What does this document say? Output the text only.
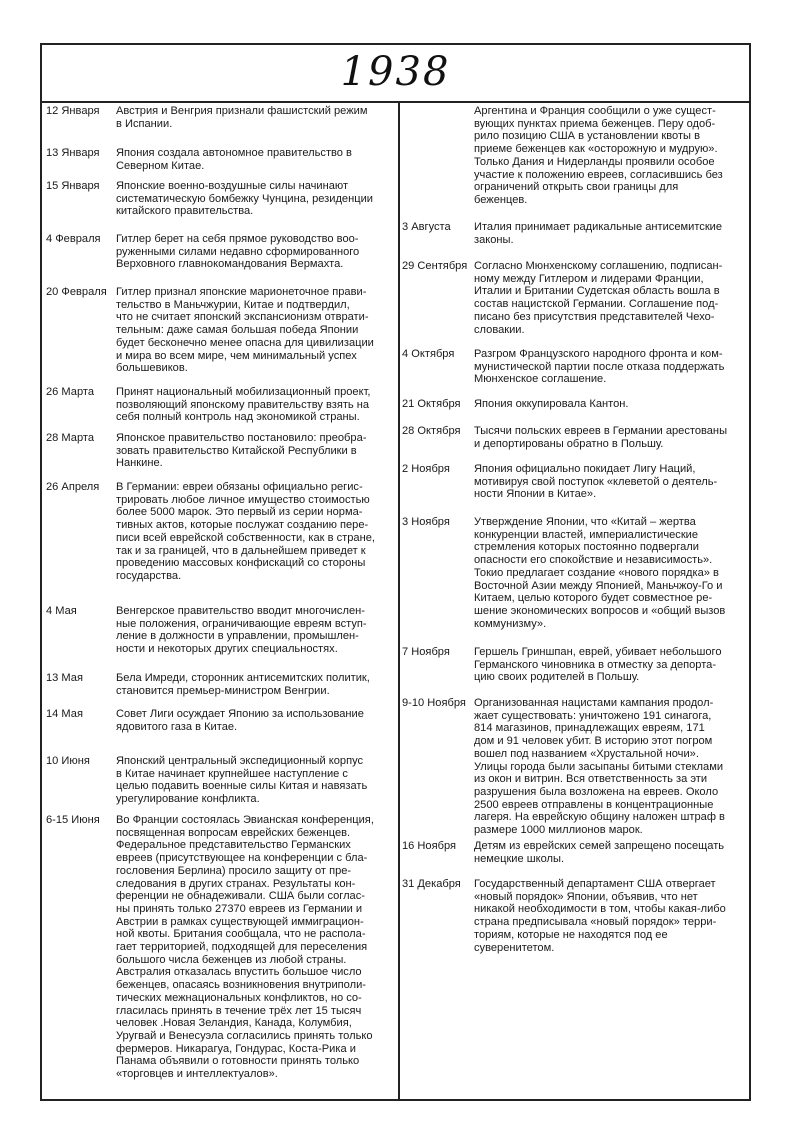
1938
12 Января Австрия и Венгрия признали фашистский режим
в Испании.
13 Января Япония создала автономное правительство в
Северном Китае.
15 Января Японские военно-воздушные силы начинают
систематическую бомбежку Чунцина, резиденции
китайского правительства.
4 Февраля Гитлер берет на себя прямое руководство воо-
руженными силами недавно сформированного
Верховного главнокомандования Вермахта.
20 Февраля Гитлер признал японские марионеточное прави-
тельство в Маньчжурии, Китае и подтвердил,
что не считает японский экспансионизм отврати-
тельным: даже самая большая победа Японии
будет бесконечно менее опасна для цивилизации
и мира во всем мире, чем минимальный успех
большевиков.
26 Марта Принят национальный мобилизационный проект,
позволяющий японскому правительству взять на
себя полный контроль над экономикой страны.
28 Марта Японское правительство постановило: преобра-
зовать правительство Китайской Республики в
Нанкине.
26 Апреля В Германии: евреи обязаны официально регис-
трировать любое личное имущество стоимостью
более 5000 марок. Это первый из серии норма-
тивных актов, которые послужат созданию пере-
писи всей еврейской собственности, как в стране,
так и за границей, что в дальнейшем приведет к
проведению массовых конфискаций со стороны
государства.
4 Мая	Венгерское правительство вводит многочислен-
ные положения, ограничивающие евреям вступ-
ление в должности в управлении, промышлен-
ности и некоторых других специальностях.
13 Мая	Бела Имреди, сторонник антисемитских политик,
становится премьер-министром Венгрии.
14 Мая	Совет Лиги осуждает Японию за использование
ядовитого газа в Китае.
10 Июня Японский центральный экспедиционный корпус
в Китае начинает крупнейшее наступление с
целью подавить военные силы Китая и навязать
урегулирование конфликта.
6-15 Июня Во Франции состоялась Эвианская конференция,
посвященная вопросам еврейских беженцев.
Федеральное представительство Германских
евреев (присутствующее на конференции с бла-
гословения Берлина) просило защиту от пре-
следования в других странах. Результаты кон-
ференции не обнадеживали. США были соглас-
ны принять только 27370 евреев из Германии и
Австрии в рамках существующей иммиграцион-
ной квоты. Британия сообщала, что не распола-
гает территорией, подходящей для переселения
большого числа беженцев из любой страны.
Австралия отказалась впустить большое число
беженцев, опасаясь возникновения внутриполи-
тических межнациональных конфликтов, но со-
гласилась принять в течение трёх лет 15 тысяч
человек .Новая Зеландия, Канада, Колумбия,
Уругвай и Венесуэла согласились принять только
фермеров. Никарагуа, Гондурас, Коста-Рика и
Панама объявили о готовности принять только
«торговцев и интеллектуалов».
Аргентина и Франция сообщили о уже сущест-
вующих пунктах приема беженцев. Перу одоб-
рило позицию США в установлении квоты в
приеме беженцев как «осторожную и мудрую».
Только Дания и Нидерланды проявили особое
участие к положению евреев, согласившись без
ограничений открыть свои границы для
беженцев.
3 Августа Италия принимает радикальные антисемитские
законы.
29 Сентября Согласно Мюнхенскому соглашению, подписан-
ному между Гитлером и лидерами Франции,
Италии и Британии Судетская область вошла в
состав нацистской Германии. Соглашение под-
писано без присутствия представителей Чехо-
словакии.
4 Октября Разгром Французского народного фронта и ком-
мунистической партии после отказа поддержать
Мюнхенское соглашение.
21 Октября Япония оккупировала Кантон.
28 Октября Тысячи польских евреев в Германии арестованы
и депортированы обратно в Польшу.
2 Ноября Япония официально покидает Лигу Наций,
мотивируя свой поступок «клеветой о деятель-
ности Японии в Китае».
3 Ноября Утверждение Японии, что «Китай – жертва
конкуренции властей, империалистические
стремления которых постоянно подвергали
опасности его спокойствие и независимость».
Токио предлагает создание «нового порядка» в
Восточной Азии между Японией, Маньчжоу-Го и
Китаем, целью которого будет совместное ре-
шение экономических вопросов и «общий вызов
коммунизму».
7 Ноября Гершель Гриншпан, еврей, убивает небольшого
Германского чиновника в отместку за депорта-
цию своих родителей в Польшу.
9-10 Ноября Организованная нацистами кампания продол-
жает существовать: уничтожено 191 синагога,
814 магазинов, принадлежащих евреям, 171
дом и 91 человек убит. В историю этот погром
вошел под названием «Хрустальной ночи».
Улицы города были засыпаны битыми стеклами
из окон и витрин. Вся ответственность за эти
разрушения была возложена на евреев. Около
2500 евреев отправлены в концентрационные
лагеря. На еврейскую общину наложен штраф в
размере 1000 миллионов марок.
16 Ноября Детям из еврейских семей запрещено посещать
немецкие школы.
31 Декабря Государственный департамент США отвергает
«новый порядок» Японии, объявив, что нет
никакой необходимости в том, чтобы какая-либо
страна предписывала «новый порядок» терри-
ториям, которые не находятся под ее
суверенитетом.
